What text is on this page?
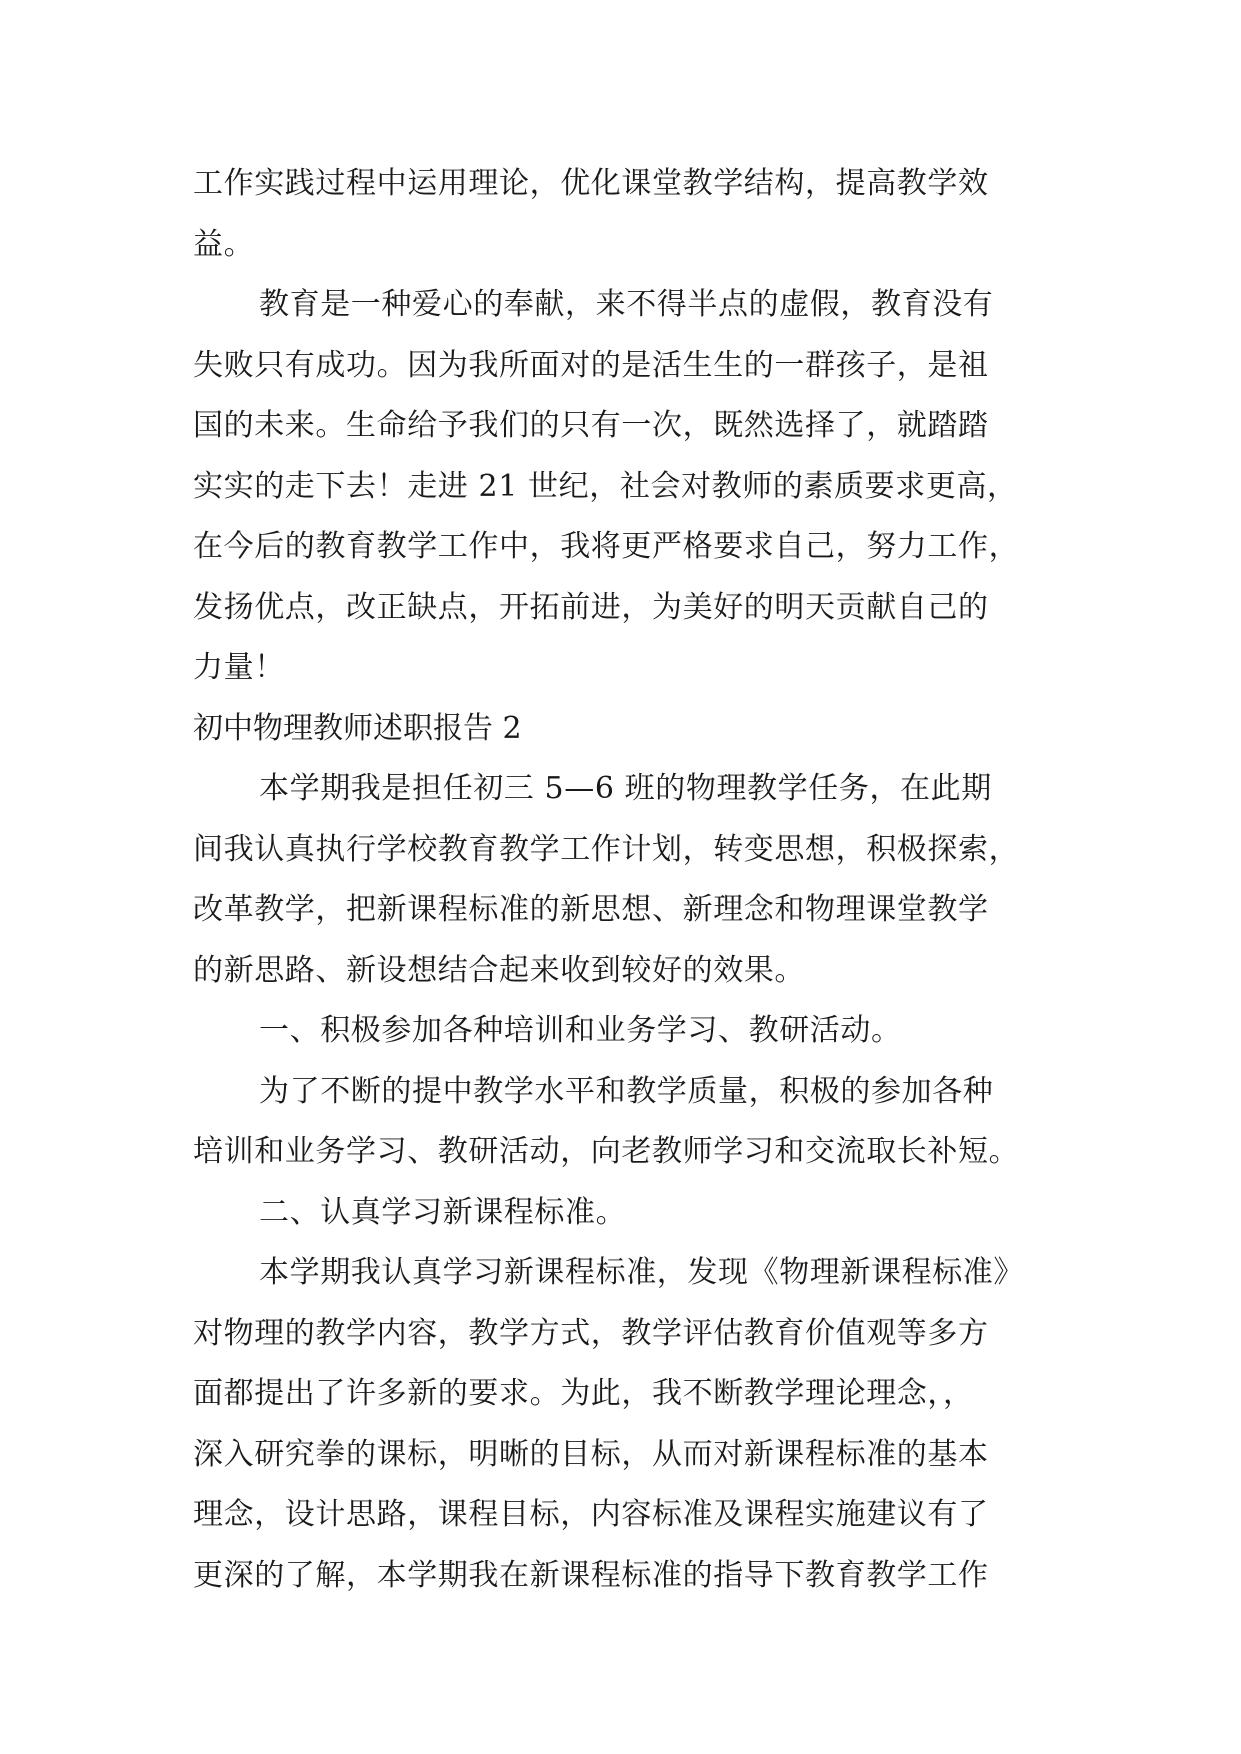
工作实践过程中运用理论，优化课堂教学结构，提高教学效
益。
教育是一种爱心的奉献，来不得半点的虚假，教育没有
失败只有成功。因为我所面对的是活生生的一群孩子，是祖
国的未来。生命给予我们的只有一次，既然选择了，就踏踏
实实的走下去！走进 21 世纪，社会对教师的素质要求更高，
在今后的教育教学工作中，我将更严格要求自己，努力工作，
发扬优点，改正缺点，开拓前进，为美好的明天贡献自己的
力量！
初中物理教师述职报告 2
本学期我是担任初三 5—6 班的物理教学任务，在此期
间我认真执行学校教育教学工作计划，转变思想，积极探索，
改革教学，把新课程标准的新思想、新理念和物理课堂教学
的新思路、新设想结合起来收到较好的效果。
一、积极参加各种培训和业务学习、教研活动。
为了不断的提中教学水平和教学质量，积极的参加各种
培训和业务学习、教研活动，向老教师学习和交流取长补短。
二、认真学习新课程标准。
本学期我认真学习新课程标准，发现《物理新课程标准》
对物理的教学内容，教学方式，教学评估教育价值观等多方
面都提出了许多新的要求。为此，我不断教学理论理念，，
深入研究拳的课标，明晰的目标，从而对新课程标准的基本
理念，设计思路，课程目标，内容标准及课程实施建议有了
更深的了解，本学期我在新课程标准的指导下教育教学工作
